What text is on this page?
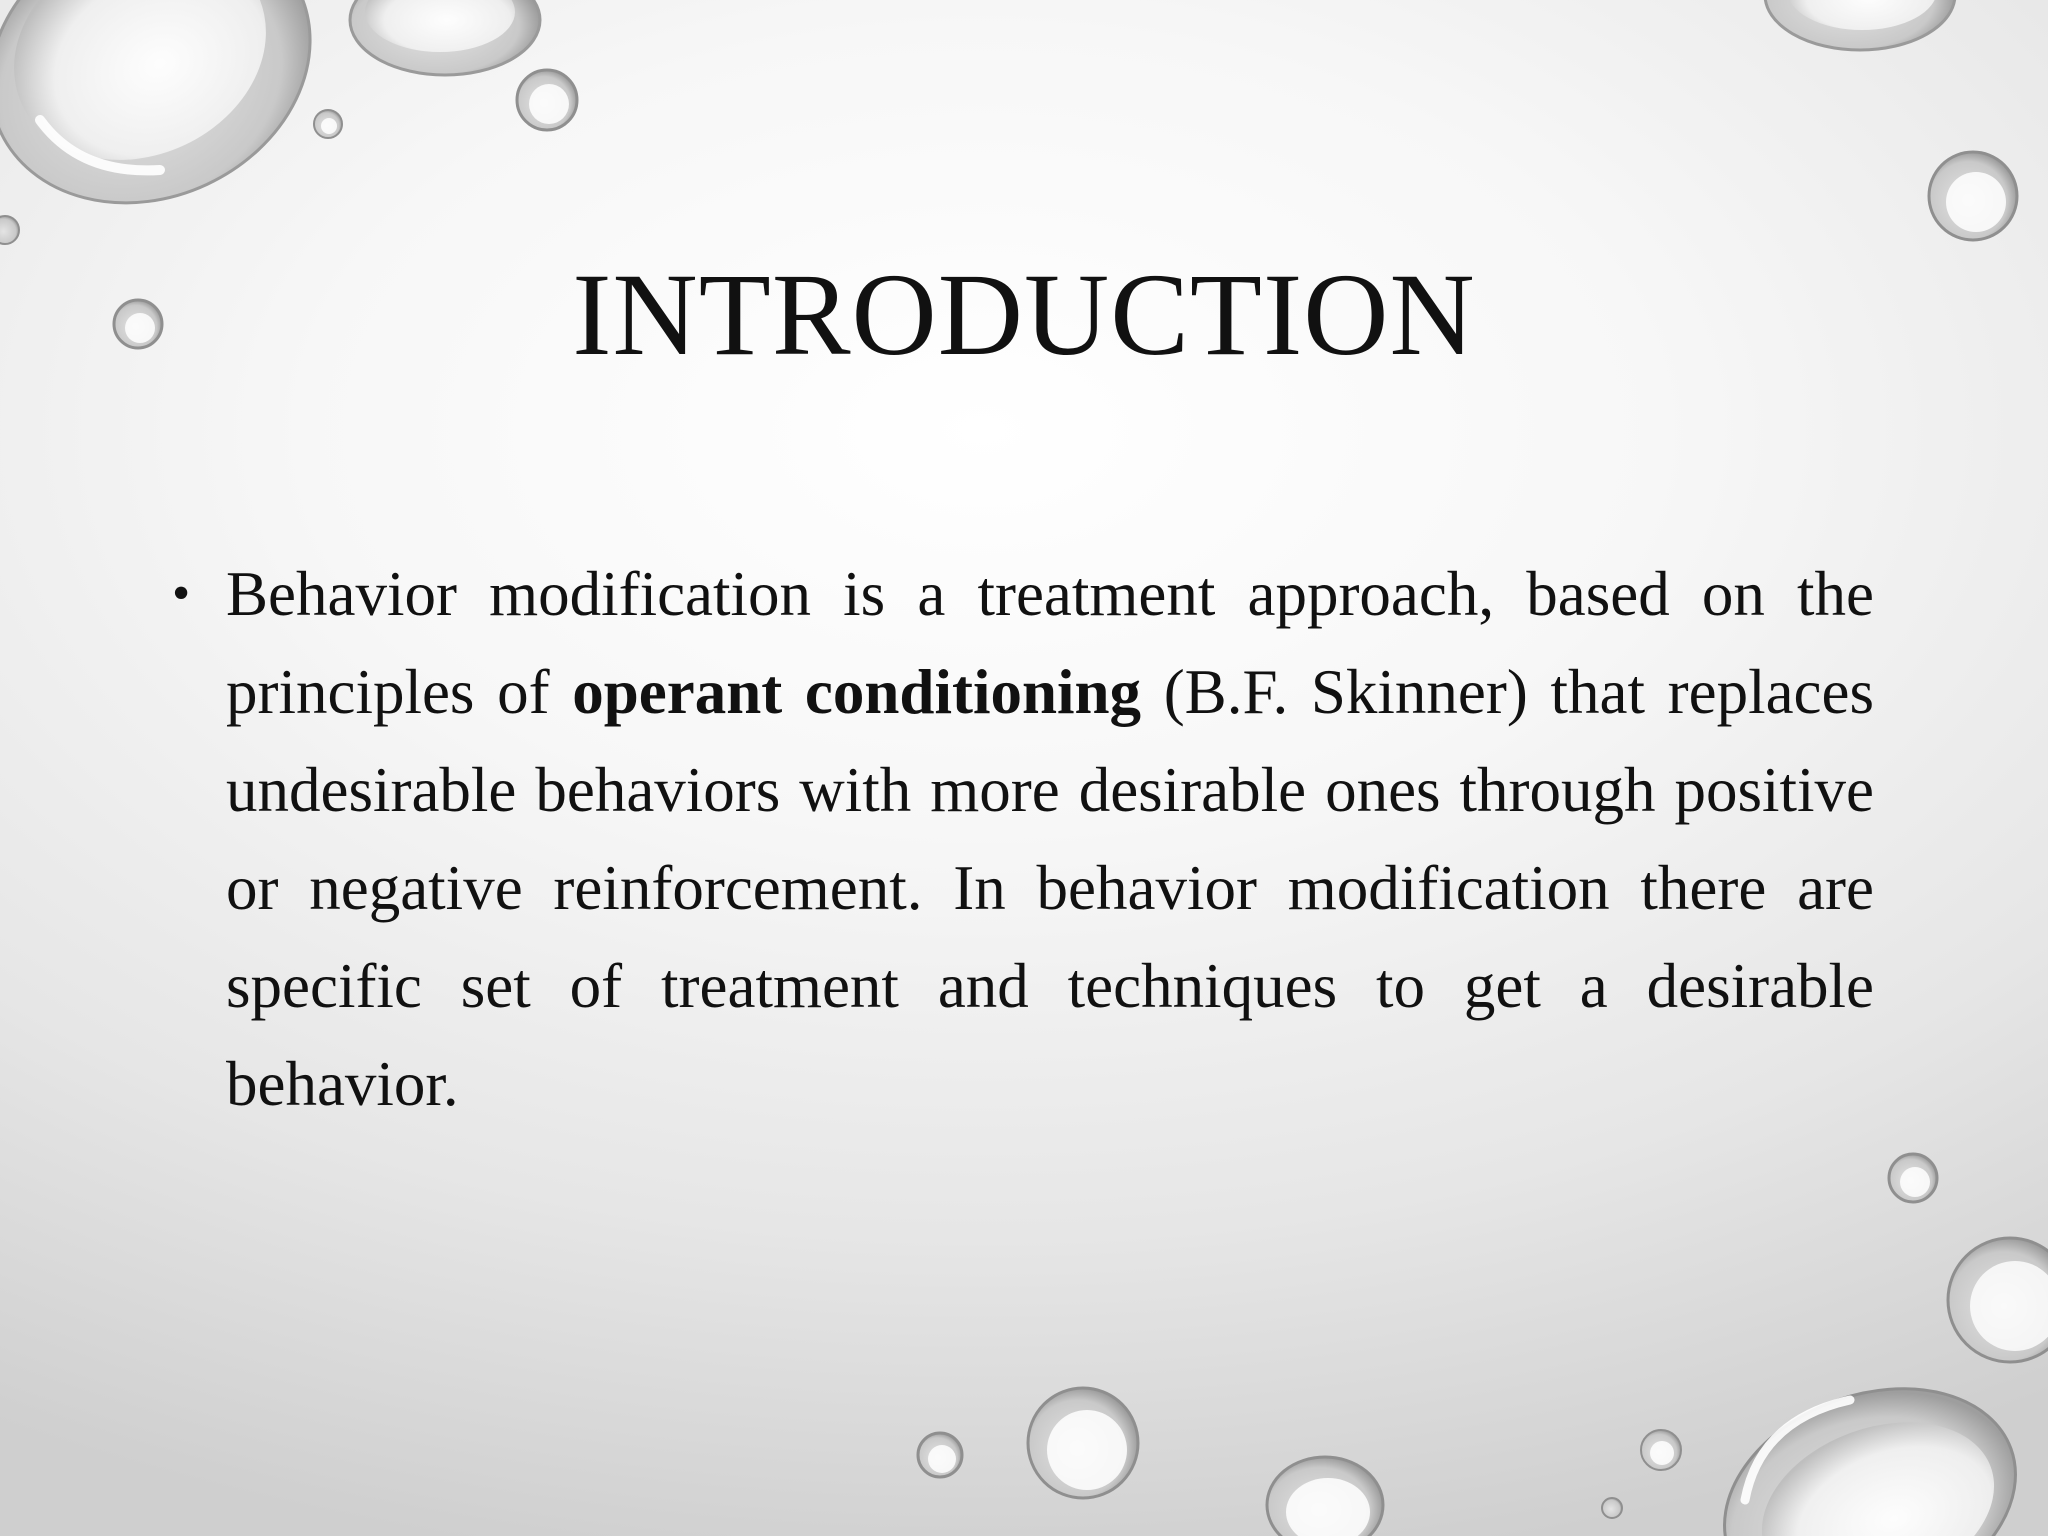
INTRODUCTION
• Behavior modification is a treatment approach, based on the principles of operant conditioning (B.F. Skinner) that replaces undesirable behaviors with more desirable ones through positive or negative reinforcement. In behavior modification there are specific set of treatment and techniques to get a desirable behavior.
